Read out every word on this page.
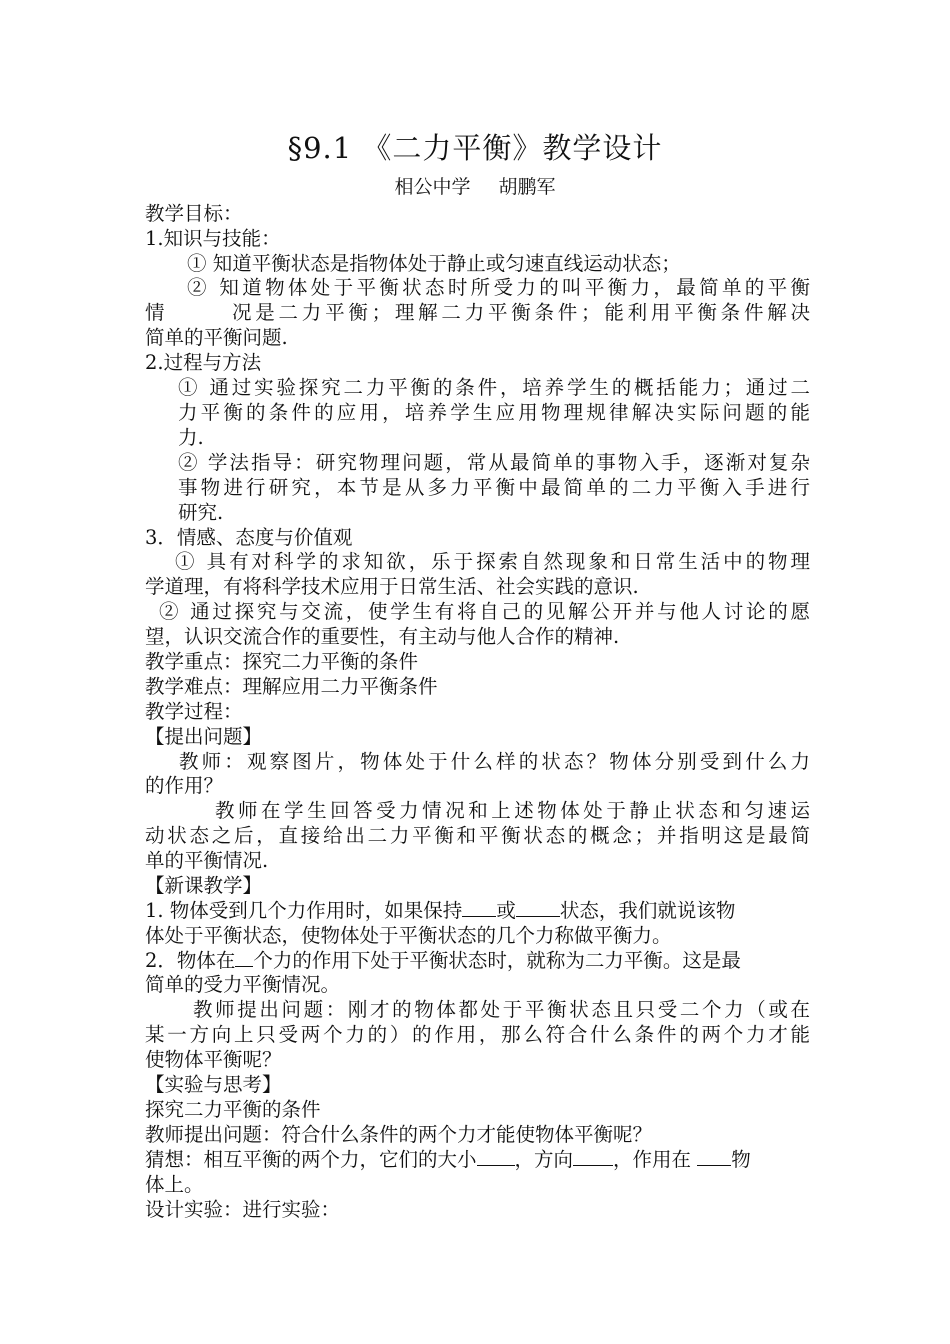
§9.1 《二力平衡》教学设计
相公中学 胡鹏军
教学目标：
1.知识与技能：
① 知道平衡状态是指物体处于静止或匀速直线运动状态；
② 知道物体处于平衡状态时所受力的叫平衡力，最简单的平衡
情	况是二力平衡；理解二力平衡条件；能利用平衡条件解决
简单的平衡问题.
2.过程与方法
① 通过实验探究二力平衡的条件，培养学生的概括能力；通过二
力平衡的条件的应用，培养学生应用物理规律解决实际问题的能
力.
② 学法指导：研究物理问题，常从最简单的事物入手，逐渐对复杂
事物进行研究，本节是从多力平衡中最简单的二力平衡入手进行
研究.
3．情感、态度与价值观
① 具有对科学的求知欲，乐于探索自然现象和日常生活中的物理
学道理，有将科学技术应用于日常生活、社会实践的意识.
② 通过探究与交流，使学生有将自己的见解公开并与他人讨论的愿
望，认识交流合作的重要性，有主动与他人合作的精神.
教学重点：探究二力平衡的条件
教学难点：理解应用二力平衡条件
教学过程：
【提出问题】
教师：观察图片，物体处于什么样的状态？物体分别受到什么力
的作用？
教师在学生回答受力情况和上述物体处于静止状态和匀速运
动状态之后，直接给出二力平衡和平衡状态的概念；并指明这是最简
单的平衡情况.
【新课教学】
1. 物体受到几个力作用时，如果保持 或 状态，我们就说该物
体处于平衡状态，使物体处于平衡状态的几个力称做平衡力。
2．物体在 个力的作用下处于平衡状态时，就称为二力平衡。这是最
简单的受力平衡情况。
教师提出问题：刚才的物体都处于平衡状态且只受二个力（或在
某一方向上只受两个力的）的作用，那么符合什么条件的两个力才能
使物体平衡呢？
【实验与思考】
探究二力平衡的条件
教师提出问题：符合什么条件的两个力才能使物体平衡呢？
猜想：相互平衡的两个力，它们的大小 ，方向 ，作用在 物
体上。
设计实验：进行实验：
